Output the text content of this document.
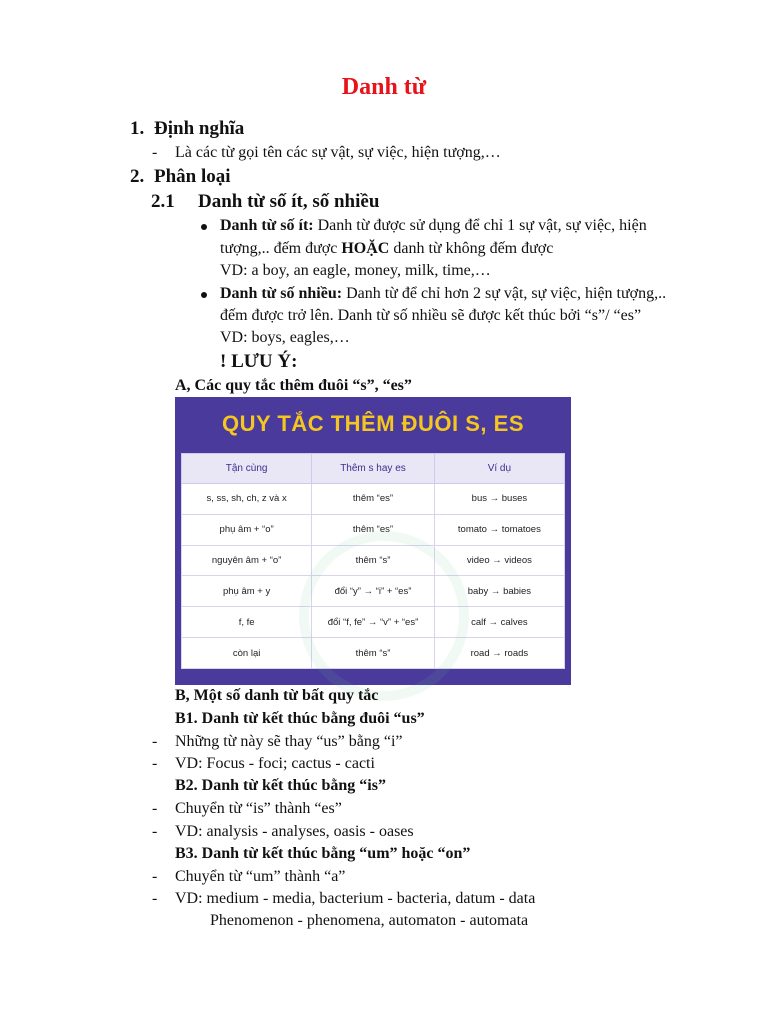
Danh từ
1. Định nghĩa
- Là các từ gọi tên các sự vật, sự việc, hiện tượng,…
2. Phân loại
2.1 Danh từ số ít, số nhiều
Danh từ số ít: Danh từ được sử dụng để chỉ 1 sự vật, sự việc, hiện
tượng,.. đếm được HOẶC danh từ không đếm được
VD: a boy, an eagle, money, milk, time,…
Danh từ số nhiều: Danh từ để chỉ hơn 2 sự vật, sự việc, hiện tượng,..
đếm được trở lên. Danh từ số nhiều sẽ được kết thúc bởi “s”/ “es”
VD: boys, eagles,…
! LƯU Ý:
A, Các quy tắc thêm đuôi “s”, “es”
QUY TẮC THÊM ĐUÔI S, ES
Tận cùng	Thêm s hay es	Ví dụ
s, ss, sh, ch, z và x	thêm “es”	bus → buses
phụ âm + “o”	thêm “es”	tomato → tomatoes
nguyên âm + “o”	thêm “s”	video → videos
phụ âm + y	đổi “y” → “i” + “es”	baby → babies
f, fe	đổi “f, fe” → “v” + “es”	calf → calves
còn lại	thêm “s”	road → roads
B, Một số danh từ bất quy tắc
B1. Danh từ kết thúc bằng đuôi “us”
- Những từ này sẽ thay “us” bằng “i”
- VD: Focus - foci; cactus - cacti
B2. Danh từ kết thúc bằng “is”
- Chuyển từ “is” thành “es”
- VD: analysis - analyses, oasis - oases
B3. Danh từ kết thúc bằng “um” hoặc “on”
- Chuyển từ “um” thành “a”
- VD: medium - media, bacterium - bacteria, datum - data
Phenomenon - phenomena, automaton - automata
